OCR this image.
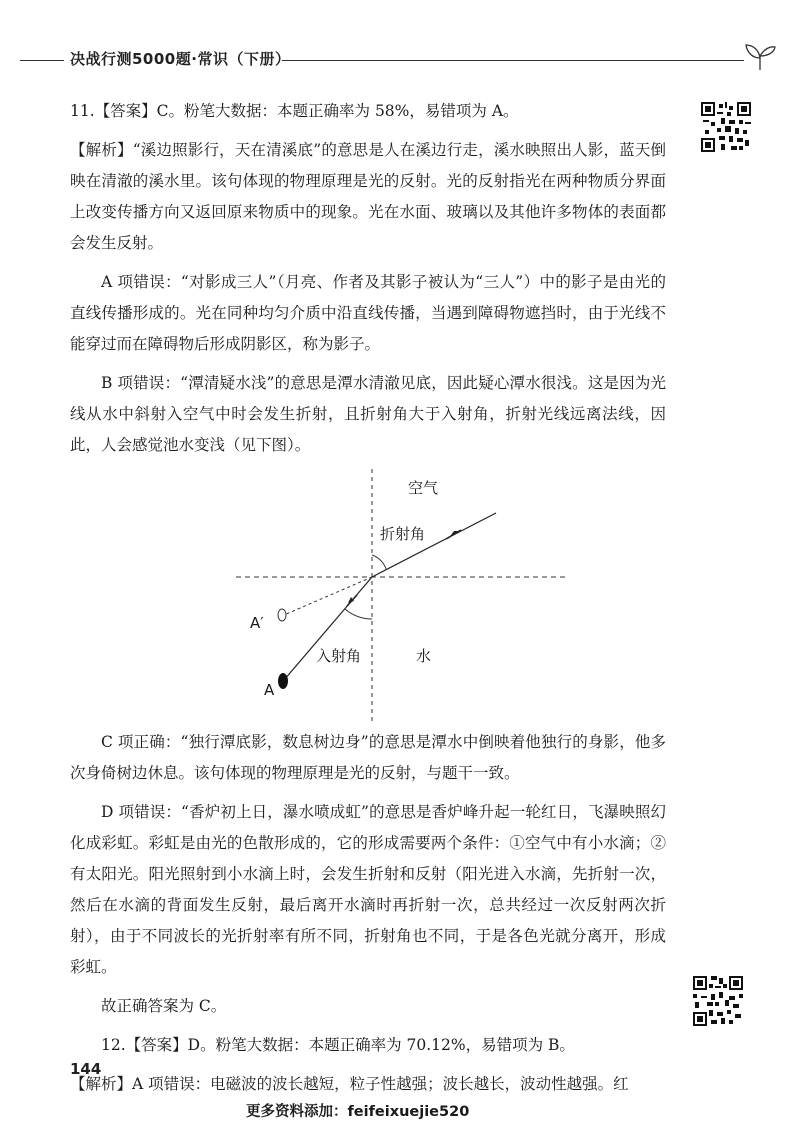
决战行测5000题·常识（下册）

11.【答案】C。粉笔大数据：本题正确率为 58%，易错项为 A。

【解析】“溪边照影行，天在清溪底”的意思是人在溪边行走，溪水映照出人影，蓝天倒映在清澈的溪水里。该句体现的物理原理是光的反射。光的反射指光在两种物质分界面上改变传播方向又返回原来物质中的现象。光在水面、玻璃以及其他许多物体的表面都会发生反射。

A 项错误：“对影成三人”（月亮、作者及其影子被认为“三人”）中的影子是由光的直线传播形成的。光在同种均匀介质中沿直线传播，当遇到障碍物遮挡时，由于光线不能穿过而在障碍物后形成阴影区，称为影子。

B 项错误：“潭清疑水浅”的意思是潭水清澈见底，因此疑心潭水很浅。这是因为光线从水中斜射入空气中时会发生折射，且折射角大于入射角，折射光线远离法线，因此，人会感觉池水变浅（见下图）。

空气
折射角
A′
入射角	水
A

C 项正确：“独行潭底影，数息树边身”的意思是潭水中倒映着他独行的身影，他多次身倚树边休息。该句体现的物理原理是光的反射，与题干一致。

D 项错误：“香炉初上日，瀑水喷成虹”的意思是香炉峰升起一轮红日，飞瀑映照幻化成彩虹。彩虹是由光的色散形成的，它的形成需要两个条件：①空气中有小水滴；②有太阳光。阳光照射到小水滴上时，会发生折射和反射（阳光进入水滴，先折射一次，然后在水滴的背面发生反射，最后离开水滴时再折射一次，总共经过一次反射两次折射），由于不同波长的光折射率有所不同，折射角也不同，于是各色光就分离开，形成彩虹。

故正确答案为 C。

12.【答案】D。粉笔大数据：本题正确率为 70.12%，易错项为 B。

【解析】A 项错误：电磁波的波长越短，粒子性越强；波长越长，波动性越强。红

144
更多资料添加：feifeixuejie520
